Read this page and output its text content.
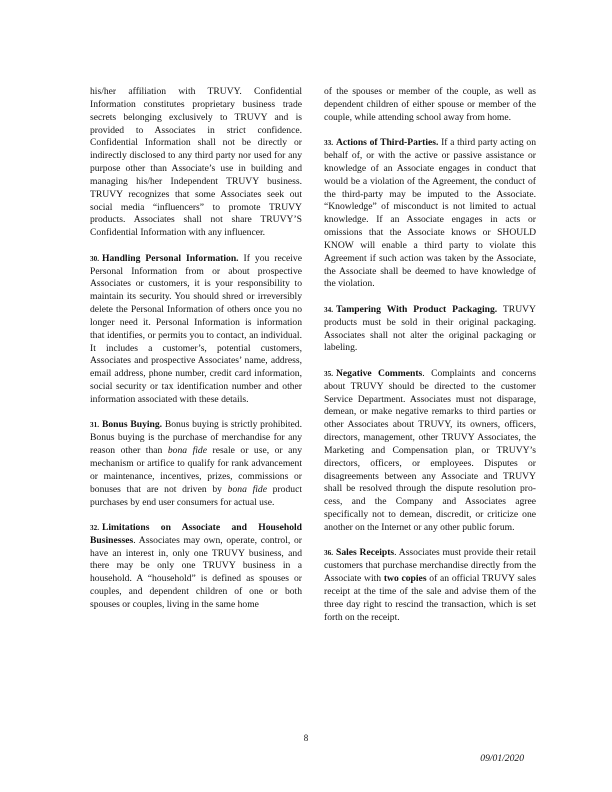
his/her affiliation with TRUVY. Confidential Information constitutes proprietary business trade secrets belonging exclusively to TRUVY and is provided to Associates in strict confidence. Confidential Information shall not be directly or indirectly disclosed to any third party nor used for any purpose other than Associate’s use in building and managing his/her Independent TRUVY business. TRUVY recognizes that some Associates seek out social media “influencers” to promote TRUVY products. Associates shall not share TRUVY’S Confidential Information with any influencer.

30. Handling Personal Information. If you receive Personal Information from or about prospective Associates or customers, it is your responsibility to maintain its security. You should shred or irreversibly delete the Personal Information of others once you no longer need it. Personal Information is information that identifies, or permits you to contact, an individual. It includes a customer’s, potential customers, Associates and prospective Associates’ name, address, email address, phone number, credit card information, social security or tax identification number and other information associated with these details.

31. Bonus Buying. Bonus buying is strictly prohibited. Bonus buying is the purchase of merchandise for any reason other than bona fide resale or use, or any mechanism or artifice to qualify for rank advancement or maintenance, incentives, prizes, commissions or bonuses that are not driven by bona fide product purchases by end user consumers for actual use.

32. Limitations on Associate and Household Businesses. Associates may own, operate, control, or have an interest in, only one TRUVY business, and there may be only one TRUVY business in a household. A “household” is defined as spouses or couples, and dependent children of one or both spouses or couples, living in the same home

of the spouses or member of the couple, as well as dependent children of either spouse or member of the couple, while attending school away from home.

33. Actions of Third-Parties. If a third party acting on behalf of, or with the active or passive assistance or knowledge of an Associate engages in conduct that would be a violation of the Agreement, the conduct of the third-party may be imputed to the Associate. “Knowledge” of misconduct is not limited to actual knowledge. If an Associate engages in acts or omissions that the Associate knows or SHOULD KNOW will enable a third party to violate this Agreement if such action was taken by the Associate, the Associate shall be deemed to have knowledge of the violation.

34. Tampering With Product Packaging. TRUVY products must be sold in their original packaging. Associates shall not alter the original packaging or labeling.

35. Negative Comments. Complaints and concerns about TRUVY should be directed to the customer Service Department. Associates must not disparage, demean, or make negative remarks to third parties or other Associates about TRUVY, its owners, officers, directors, management, other TRUVY Associates, the Marketing and Compensation plan, or TRUVY’s directors, officers, or employees. Disputes or disagreements between any Associate and TRUVY shall be resolved through the dispute resolution process, and the Company and Associates agree specifically not to demean, discredit, or criticize one another on the Internet or any other public forum.

36. Sales Receipts. Associates must provide their retail customers that purchase merchandise directly from the Associate with two copies of an official TRUVY sales receipt at the time of the sale and advise them of the three day right to rescind the transaction, which is set forth on the receipt.

8
09/01/2020
